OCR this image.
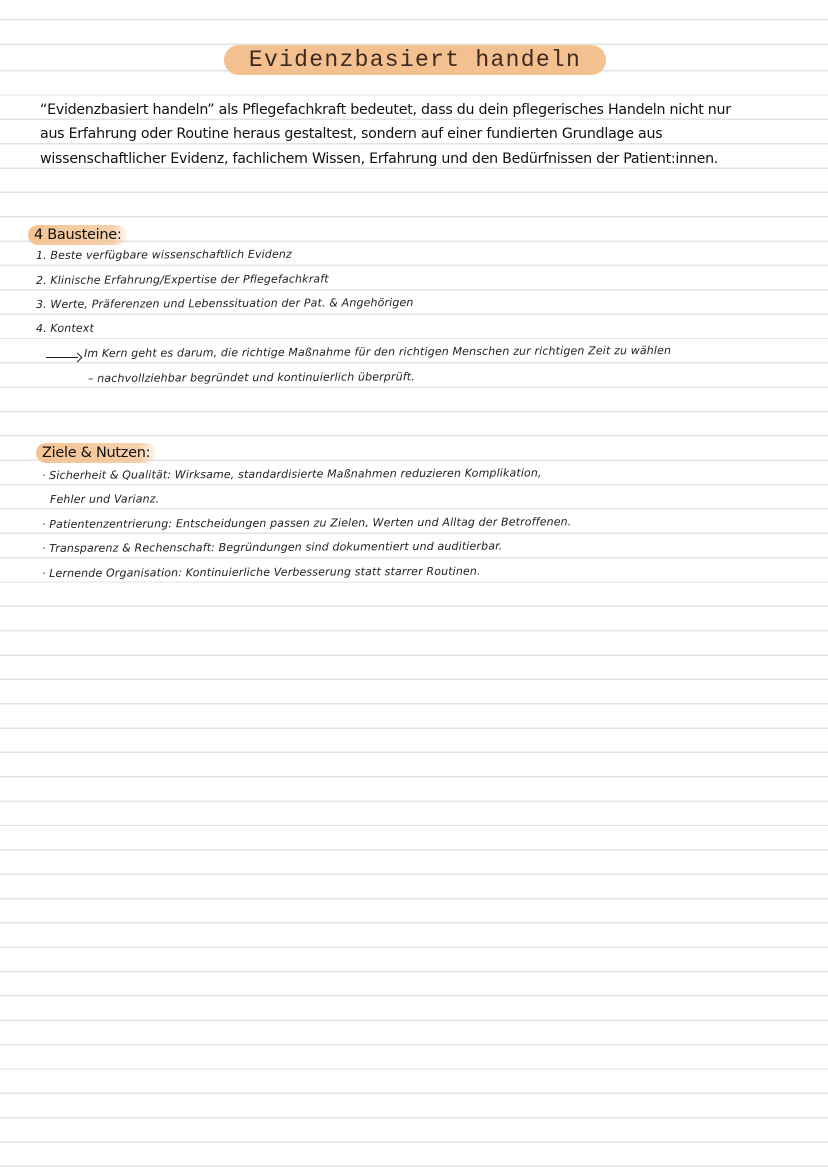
Evidenzbasiert handeln
“Evidenzbasiert handeln” als Pflegefachkraft bedeutet, dass du dein pflegerisches Handeln nicht nur
aus Erfahrung oder Routine heraus gestaltest, sondern auf einer fundierten Grundlage aus
wissenschaftlicher Evidenz, fachlichem Wissen, Erfahrung und den Bedürfnissen der Patient:innen.
4 Bausteine:
1. Beste verfügbare wissenschaftlich Evidenz
2. Klinische Erfahrung/Expertise der Pflegefachkraft
3. Werte, Präferenzen und Lebenssituation der Pat. & Angehörigen
4. Kontext
Im Kern geht es darum, die richtige Maßnahme für den richtigen Menschen zur richtigen Zeit zu wählen
– nachvollziehbar begründet und kontinuierlich überprüft.
Ziele & Nutzen:
· Sicherheit & Qualität: Wirksame, standardisierte Maßnahmen reduzieren Komplikation,
Fehler und Varianz.
· Patientenzentrierung: Entscheidungen passen zu Zielen, Werten und Alltag der Betroffenen.
· Transparenz & Rechenschaft: Begründungen sind dokumentiert und auditierbar.
· Lernende Organisation: Kontinuierliche Verbesserung statt starrer Routinen.
